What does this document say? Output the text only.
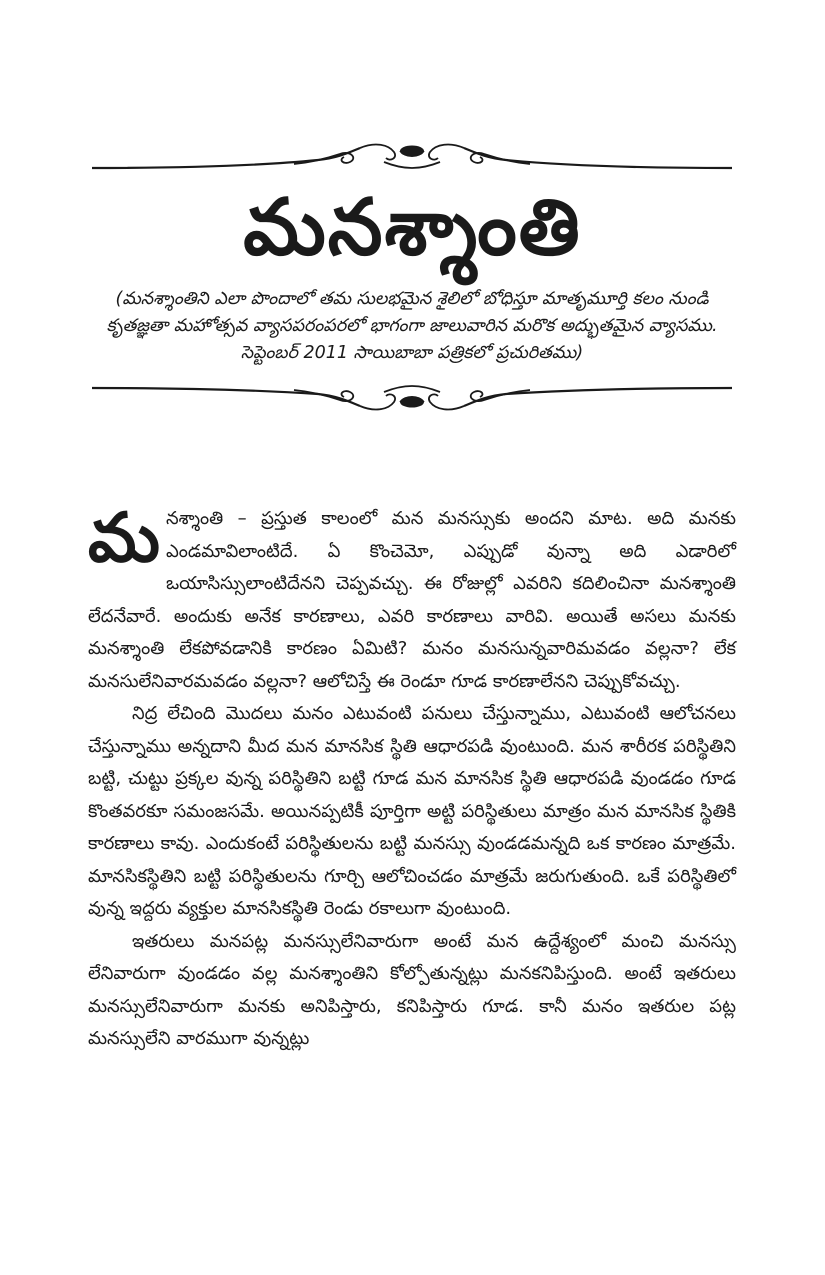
మనశ్శాంతి
(మనశ్శాంతిని ఎలా పొందాలో తమ సులభమైన శైలిలో బోధిస్తూ మాతృమూర్తి కలం నుండి కృతజ్ఞతా మహోత్సవ వ్యాసపరంపరలో భాగంగా జాలువారిన మరొక అద్భుతమైన వ్యాసము. సెప్టెంబర్ 2011 సాయిబాబా పత్రికలో ప్రచురితము)

మనశ్శాంతి – ప్రస్తుత కాలంలో మన మనస్సుకు అందని మాట. అది మనకు ఎండమావిలాంటిదే. ఏ కొంచెమో, ఎప్పుడో వున్నా అది ఎడారిలో ఒయాసిస్సులాంటిదేనని చెప్పవచ్చు. ఈ రోజుల్లో ఎవరిని కదిలించినా మనశ్శాంతి లేదనేవారే. అందుకు అనేక కారణాలు, ఎవరి కారణాలు వారివి. అయితే అసలు మనకు మనశ్శాంతి లేకపోవడానికి కారణం ఏమిటి? మనం మనసున్నవారిమవడం వల్లనా? లేక మనసులేనివారమవడం వల్లనా? ఆలోచిస్తే ఈ రెండూ గూడ కారణాలేనని చెప్పుకోవచ్చు.

నిద్ర లేచింది మొదలు మనం ఎటువంటి పనులు చేస్తున్నాము, ఎటువంటి ఆలోచనలు చేస్తున్నాము అన్నదాని మీద మన మానసిక స్థితి ఆధారపడి వుంటుంది. మన శారీరక పరిస్థితిని బట్టి, చుట్టు ప్రక్కల వున్న పరిస్థితిని బట్టి గూడ మన మానసిక స్థితి ఆధారపడి వుండడం గూడ కొంతవరకూ సమంజసమే. అయినప్పటికీ పూర్తిగా అట్టి పరిస్థితులు మాత్రం మన మానసిక స్థితికి కారణాలు కావు. ఎందుకంటే పరిస్థితులను బట్టి మనస్సు వుండడమన్నది ఒక కారణం మాత్రమే. మానసికస్థితిని బట్టి పరిస్థితులను గూర్చి ఆలోచించడం మాత్రమే జరుగుతుంది. ఒకే పరిస్థితిలో వున్న ఇద్దరు వ్యక్తుల మానసికస్థితి రెండు రకాలుగా వుంటుంది.

ఇతరులు మనపట్ల మనస్సులేనివారుగా అంటే మన ఉద్దేశ్యంలో మంచి మనస్సు లేనివారుగా వుండడం వల్ల మనశ్శాంతిని కోల్పోతున్నట్లు మనకనిపిస్తుంది. అంటే ఇతరులు మనస్సులేనివారుగా మనకు అనిపిస్తారు, కనిపిస్తారు గూడ. కానీ మనం ఇతరుల పట్ల మనస్సులేని వారముగా వున్నట్లు
